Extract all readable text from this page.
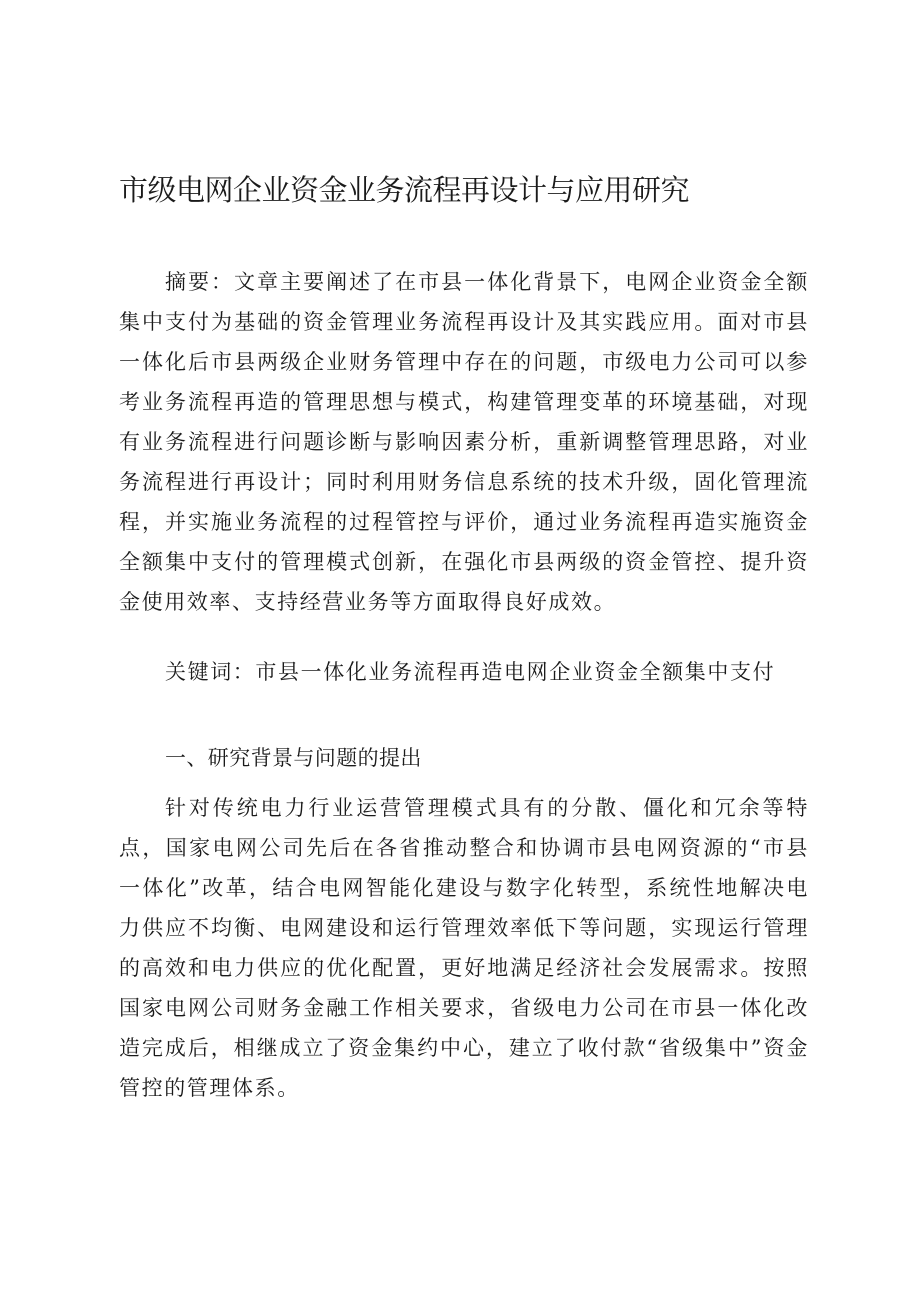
市级电网企业资金业务流程再设计与应用研究

摘要：文章主要阐述了在市县一体化背景下，电网企业资金全额集中支付为基础的资金管理业务流程再设计及其实践应用。面对市县一体化后市县两级企业财务管理中存在的问题，市级电力公司可以参考业务流程再造的管理思想与模式，构建管理变革的环境基础，对现有业务流程进行问题诊断与影响因素分析，重新调整管理思路，对业务流程进行再设计；同时利用财务信息系统的技术升级，固化管理流程，并实施业务流程的过程管控与评价，通过业务流程再造实施资金全额集中支付的管理模式创新，在强化市县两级的资金管控、提升资金使用效率、支持经营业务等方面取得良好成效。

关键词：市县一体化业务流程再造电网企业资金全额集中支付

一、研究背景与问题的提出

针对传统电力行业运营管理模式具有的分散、僵化和冗余等特点，国家电网公司先后在各省推动整合和协调市县电网资源的“市县一体化”改革，结合电网智能化建设与数字化转型，系统性地解决电力供应不均衡、电网建设和运行管理效率低下等问题，实现运行管理的高效和电力供应的优化配置，更好地满足经济社会发展需求。按照国家电网公司财务金融工作相关要求，省级电力公司在市县一体化改造完成后，相继成立了资金集约中心，建立了收付款“省级集中”资金管控的管理体系。
